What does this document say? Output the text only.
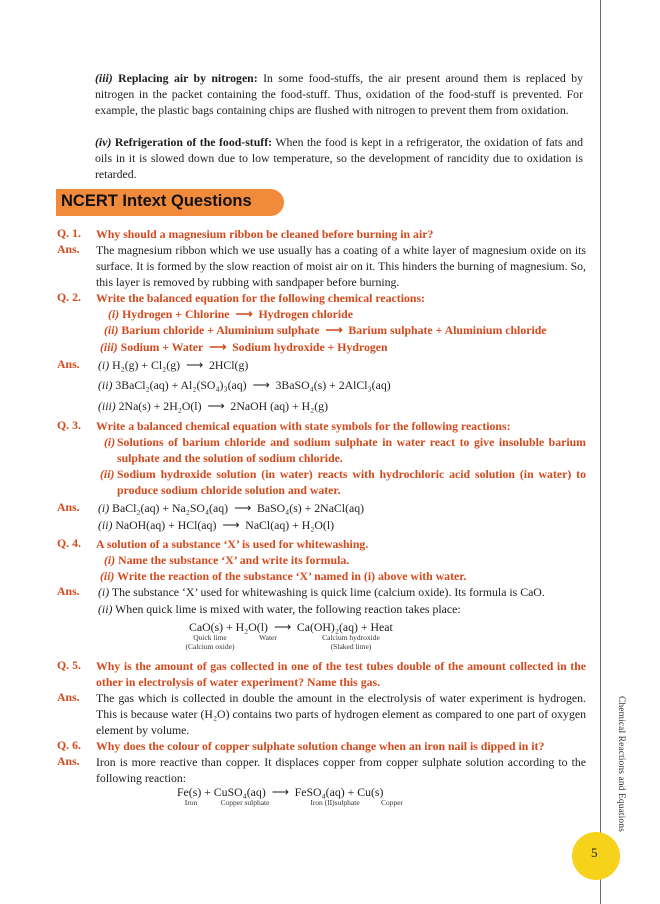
Chemical Reactions and Equations
5
(iii) Replacing air by nitrogen: In some food-stuffs, the air present around them is replaced by nitrogen in the packet containing the food-stuff. Thus, oxidation of the food-stuff is prevented. For example, the plastic bags containing chips are flushed with nitrogen to prevent them from oxidation.
(iv) Refrigeration of the food-stuff: When the food is kept in a refrigerator, the oxidation of fats and oils in it is slowed down due to low temperature, so the development of rancidity due to oxidation is retarded.
NCERT Intext Questions
Q. 1. Why should a magnesium ribbon be cleaned before burning in air?
Ans. The magnesium ribbon which we use usually has a coating of a white layer of magnesium oxide on its surface. It is formed by the slow reaction of moist air on it. This hinders the burning of magnesium. So, this layer is removed by rubbing with sandpaper before burning.
Q. 2. Write the balanced equation for the following chemical reactions:
(i) Hydrogen + Chlorine ⟶ Hydrogen chloride
(ii) Barium chloride + Aluminium sulphate ⟶ Barium sulphate + Aluminium chloride
(iii) Sodium + Water ⟶ Sodium hydroxide + Hydrogen
Ans. (i) H₂(g) + Cl₂(g) ⟶ 2HCl(g)
(ii) 3BaCl₂(aq) + Al₂(SO₄)₃(aq) ⟶ 3BaSO₄(s) + 2AlCl₃(aq)
(iii) 2Na(s) + 2H₂O(l) ⟶ 2NaOH (aq) + H₂(g)
Q. 3. Write a balanced chemical equation with state symbols for the following reactions:
(i) Solutions of barium chloride and sodium sulphate in water react to give insoluble barium sulphate and the solution of sodium chloride.
(ii) Sodium hydroxide solution (in water) reacts with hydrochloric acid solution (in water) to produce sodium chloride solution and water.
Ans. (i) BaCl₂(aq) + Na₂SO₄(aq) ⟶ BaSO₄(s) + 2NaCl(aq)
(ii) NaOH(aq) + HCl(aq) ⟶ NaCl(aq) + H₂O(l)
Q. 4. A solution of a substance ‘X’ is used for whitewashing.
(i) Name the substance ‘X’ and write its formula.
(ii) Write the reaction of the substance ‘X’ named in (i) above with water.
Ans. (i) The substance ‘X’ used for whitewashing is quick lime (calcium oxide). Its formula is CaO.
(ii) When quick lime is mixed with water, the following reaction takes place:
CaO(s) + H₂O(l) ⟶ Ca(OH)₂(aq) + Heat
Quick lime
(Calcium oxide)
Water	Calcium hydroxide
(Slaked lime)
Q. 5. Why is the amount of gas collected in one of the test tubes double of the amount collected in the other in electrolysis of water experiment? Name this gas.
Ans. The gas which is collected in double the amount in the electrolysis of water experiment is hydrogen. This is because water (H₂O) contains two parts of hydrogen element as compared to one part of oxygen element by volume.
Q. 6. Why does the colour of copper sulphate solution change when an iron nail is dipped in it?
Ans. Iron is more reactive than copper. It displaces copper from copper sulphate solution according to the following reaction:
Fe(s) + CuSO₄(aq) ⟶ FeSO₄(aq) + Cu(s)
Iron	Copper sulphate	Iron (II)sulphate	Copper
